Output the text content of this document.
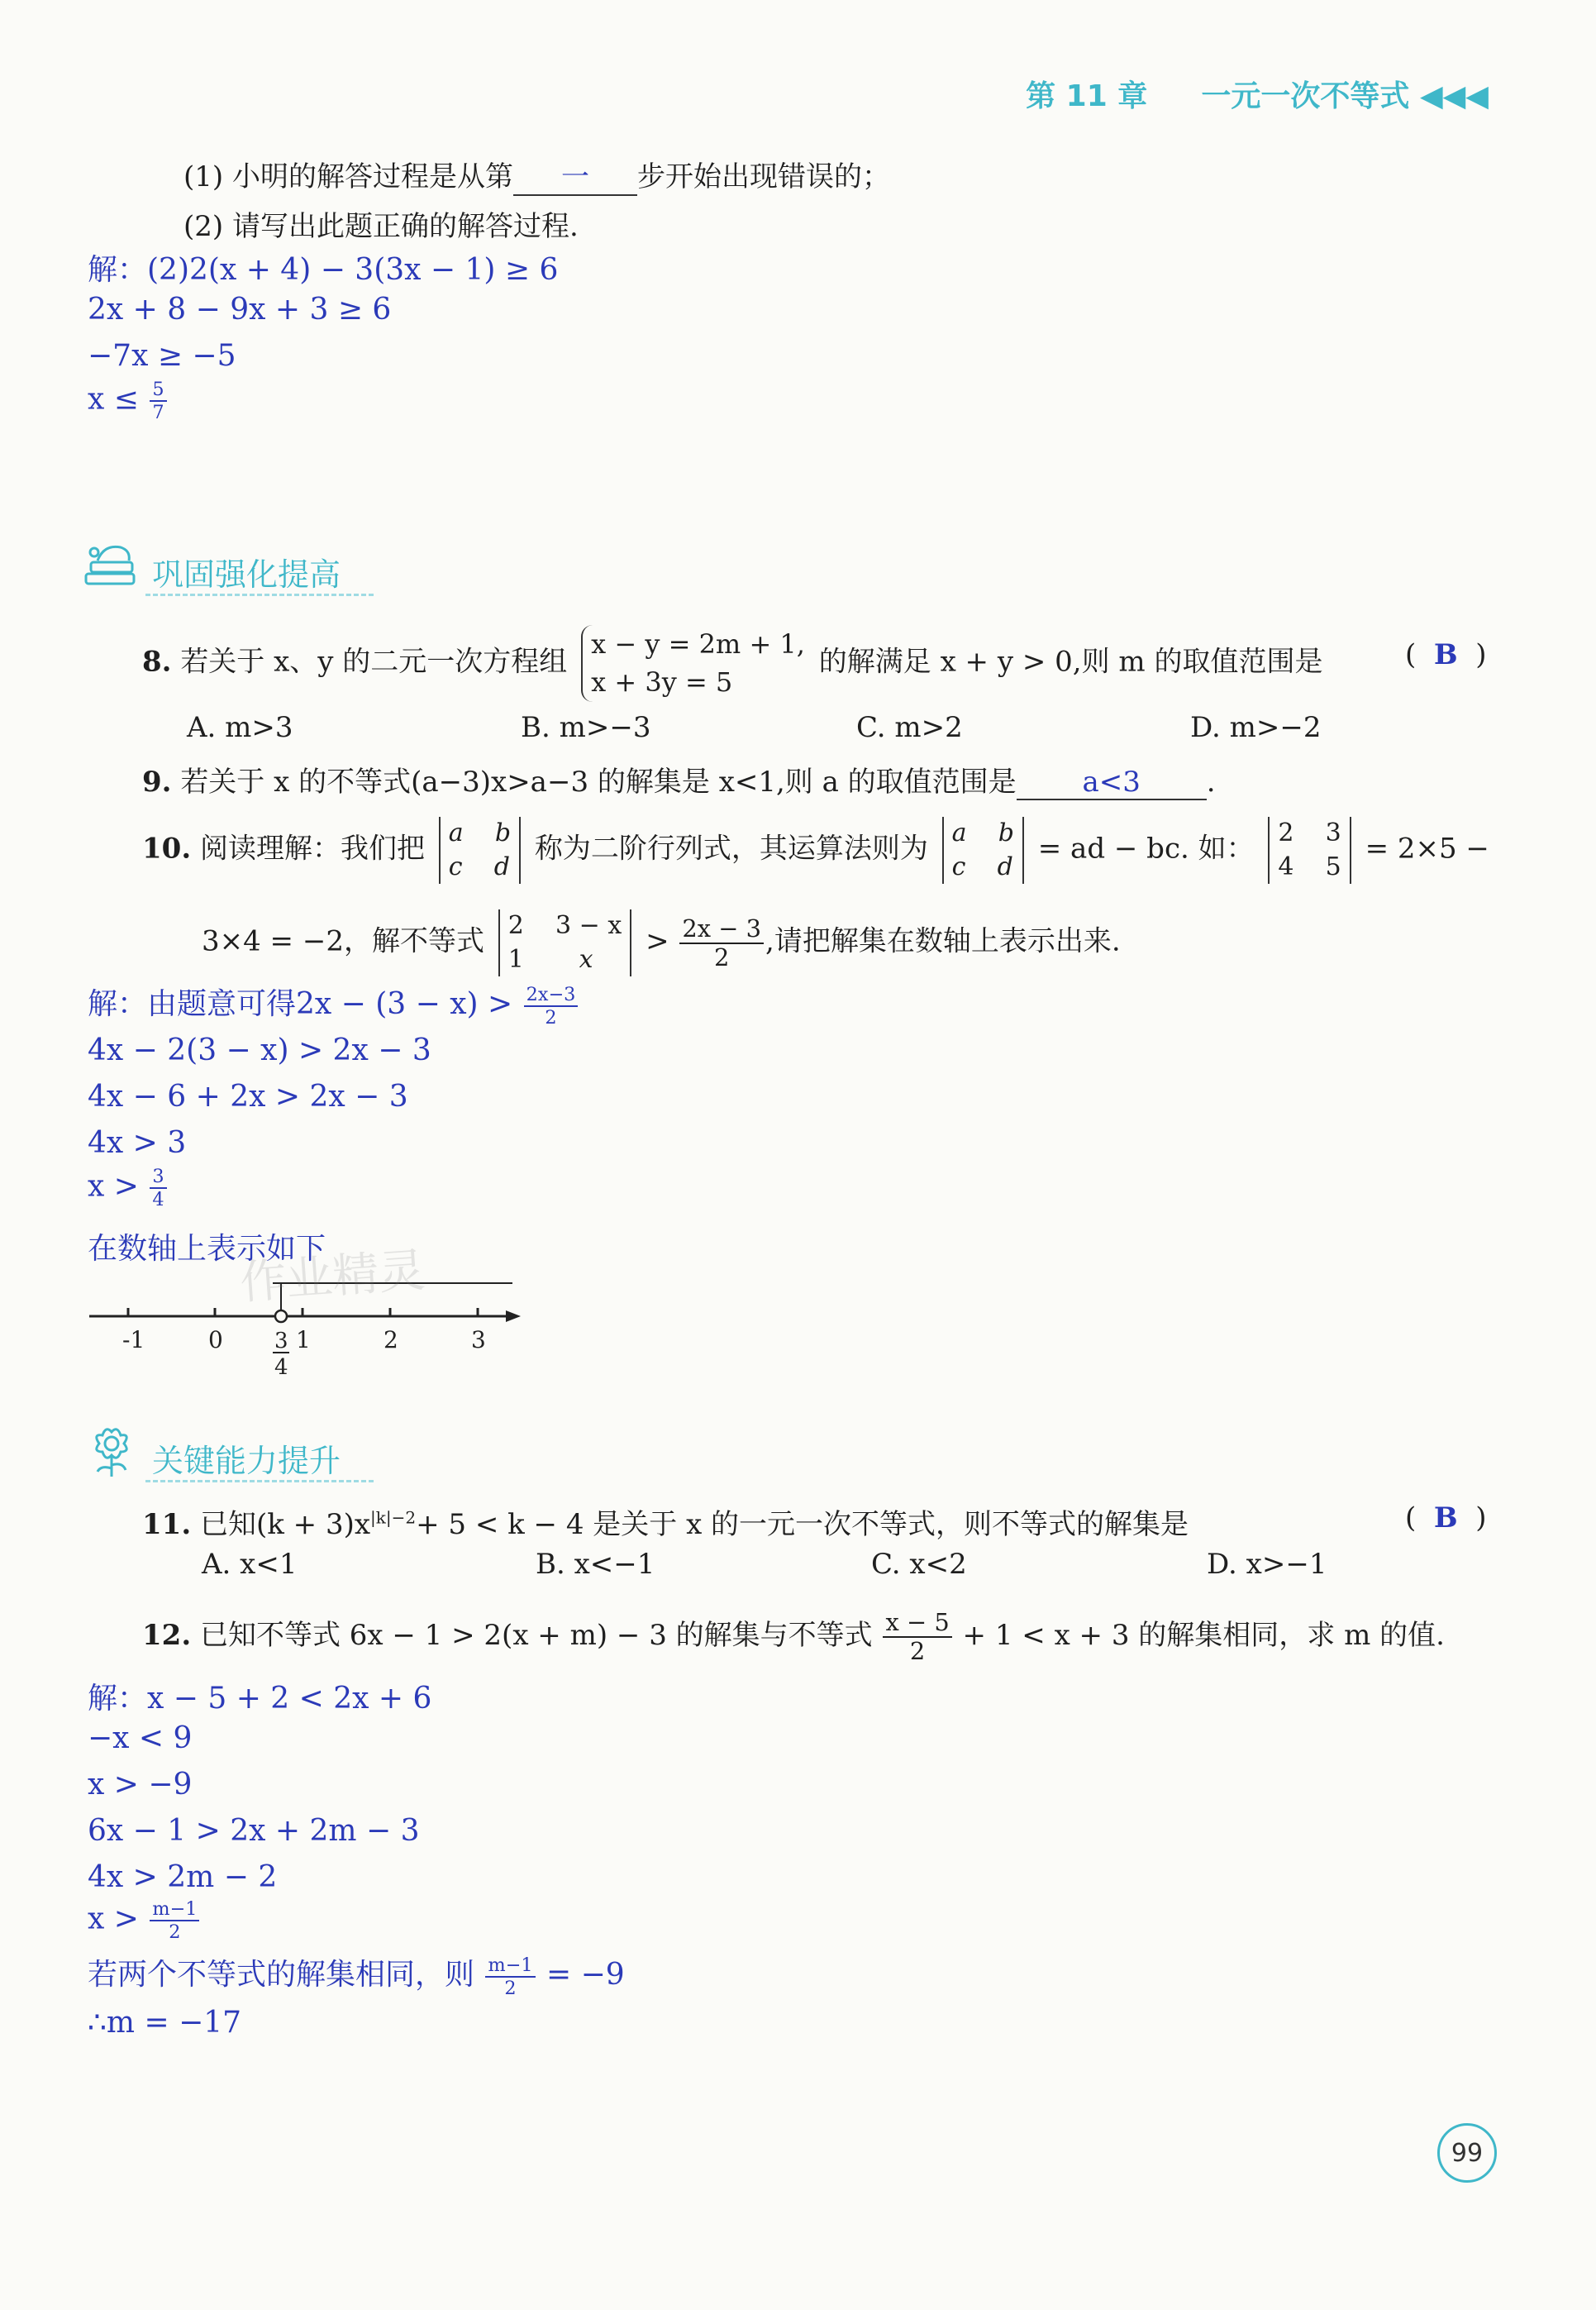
第 11 章 一元一次不等式 ◀◀◀
(1) 小明的解答过程是从第 一 步开始出现错误的；
(2) 请写出此题正确的解答过程.
解：(2)2(x + 4) − 3(3x − 1) ≥ 6
2x + 8 − 9x + 3 ≥ 6
−7x ≥ −5
$x \le \frac{5}{7}$
巩固强化提高
8. 若关于 x、y 的二元一次方程组
x − y = 2m + 1,
x + 3y = 5
的解满足 x + y > 0,则 m 的取值范围是	(  B  )
A. m>3	B. m>−3	C. m>2	D. m>−2
9. 若关于 x 的不等式(a−3)x>a−3 的解集是 x<1,则 a 的取值范围是 a<3 .
10. 阅读理解：我们把 a b
c d
称为二阶行列式，其运算法则为 a b
c d
= ad − bc. 如： 2 3
4 5
= 2×5 −
3×4 = −2，解不等式 2 3 − x
1 x
> $\frac{2x - 3}{2}$ ,请把解集在数轴上表示出来.
解：由题意可得$2x - (3 - x) > \frac{2x-3}{2}$
4x − 2(3 − x) > 2x − 3
4x − 6 + 2x > 2x − 3
4x > 3
$x > \frac{3}{4}$
在数轴上表示如下
-1	0	1	2	3
3
4
作业精灵
关键能力提升
11. 已知$(k + 3)x^{|k|-2}+ 5 < k - 4$ 是关于 x 的一元一次不等式，则不等式的解集是	(  B  )
A. x<1	B. x<−1	C. x<2	D. x>−1
12. 已知不等式 6x − 1 > 2(x + m) − 3 的解集与不等式 $\frac{x - 5}{2} + 1 < x + 3$ 的解集相同，求 m 的值.
解：x − 5 + 2 < 2x + 6
−x < 9
x > −9
6x − 1 > 2x + 2m − 3
4x > 2m − 2
$x > \frac{m-1}{2}$
若两个不等式的解集相同，则 $\frac{m-1}{2} = -9$
∴m = −17
99
